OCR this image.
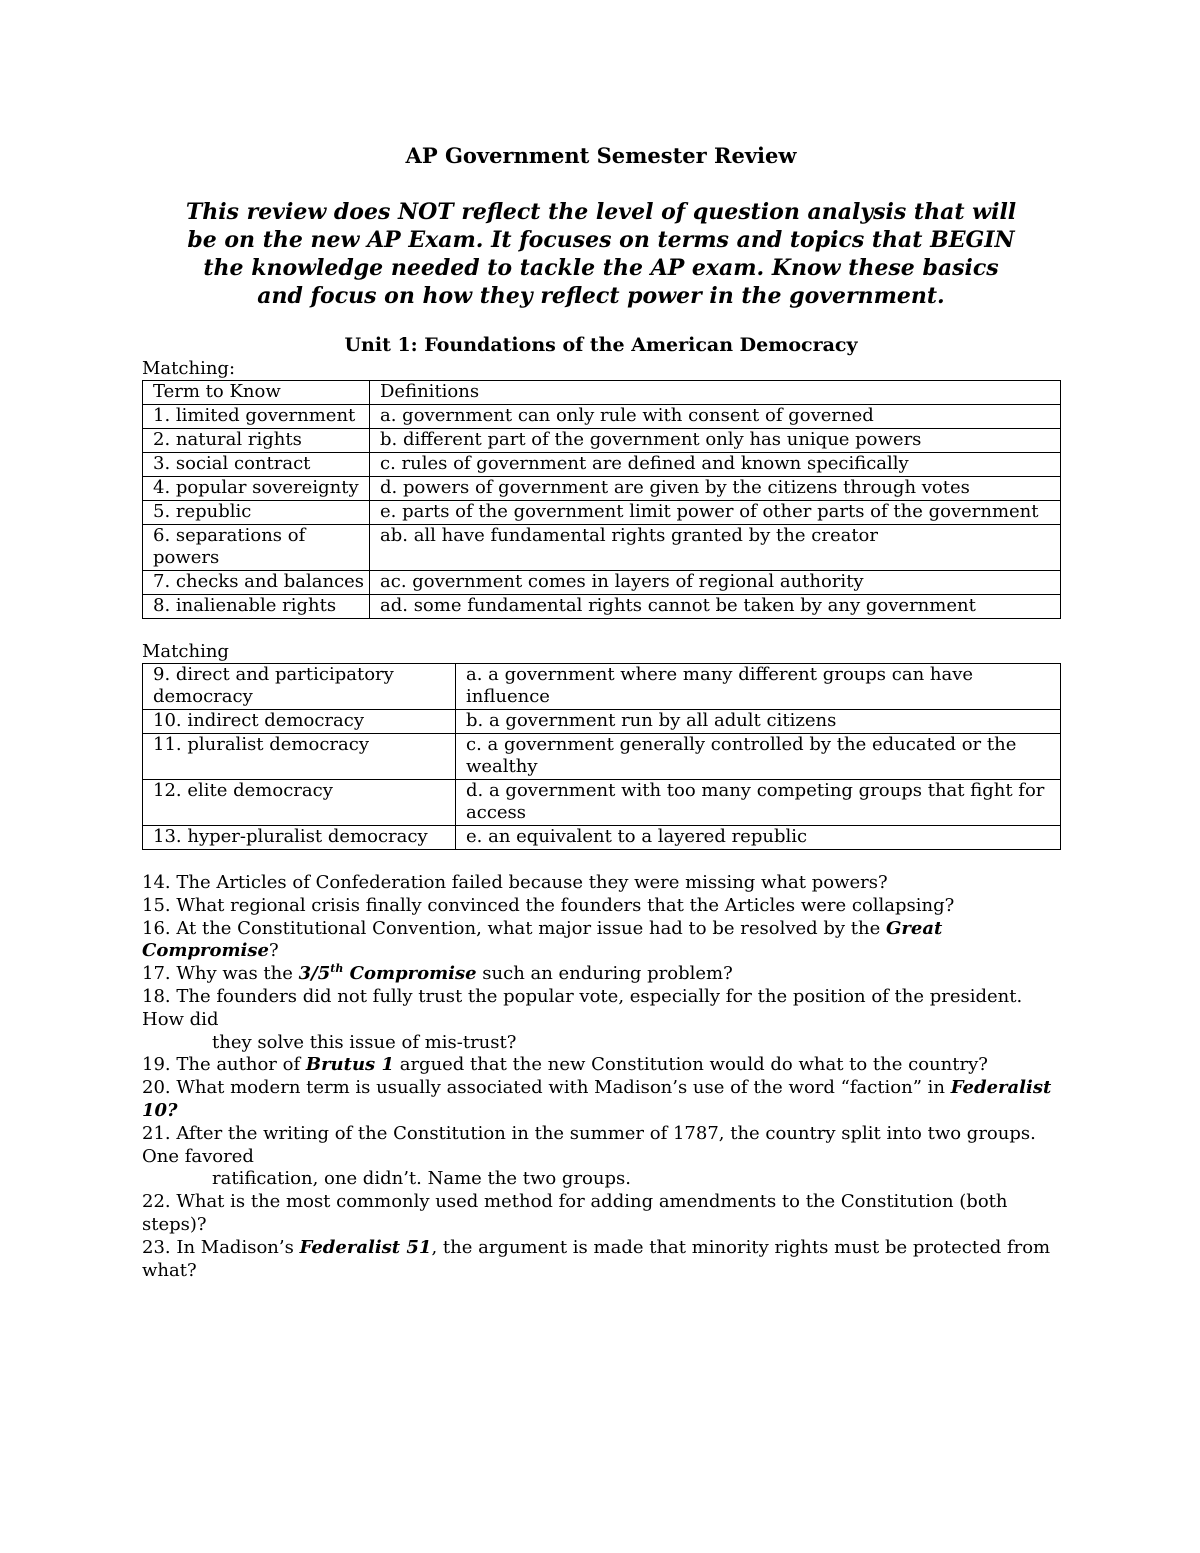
AP Government Semester Review

This review does NOT reflect the level of question analysis that will

be on the new AP Exam. It focuses on terms and topics that BEGIN

the knowledge needed to tackle the AP exam. Know these basics

and focus on how they reflect power in the government.

Unit 1: Foundations of the American Democracy

Matching:

Term to Know	Definitions
1. limited government	a. government can only rule with consent of governed
2. natural rights	b. different part of the government only has unique powers
3. social contract	c. rules of government are defined and known specifically
4. popular sovereignty	d. powers of government are given by the citizens through votes
5. republic	e. parts of the government limit power of other parts of the government
6. separations of powers	ab. all have fundamental rights granted by the creator
7. checks and balances	ac. government comes in layers of regional authority
8. inalienable rights	ad. some fundamental rights cannot be taken by any government

Matching

9. direct and participatory democracy	a. a government where many different groups can have influence
10. indirect democracy	b. a government run by all adult citizens
11. pluralist democracy	c. a government generally controlled by the educated or the wealthy
12. elite democracy	d. a government with too many competing groups that fight for access
13. hyper-pluralist democracy	e. an equivalent to a layered republic

14. The Articles of Confederation failed because they were missing what powers?

15. What regional crisis finally convinced the founders that the Articles were collapsing?

16. At the Constitutional Convention, what major issue had to be resolved by the Great Compromise?

17. Why was the 3/5th Compromise such an enduring problem?

18. The founders did not fully trust the popular vote, especially for the position of the president. How did

they solve this issue of mis-trust?

19. The author of Brutus 1 argued that the new Constitution would do what to the country?

20. What modern term is usually associated with Madison’s use of the word “faction” in Federalist 10?

21. After the writing of the Constitution in the summer of 1787, the country split into two groups. One favored

ratification, one didn’t. Name the two groups.

22. What is the most commonly used method for adding amendments to the Constitution (both steps)?

23. In Madison’s Federalist 51, the argument is made that minority rights must be protected from what?
